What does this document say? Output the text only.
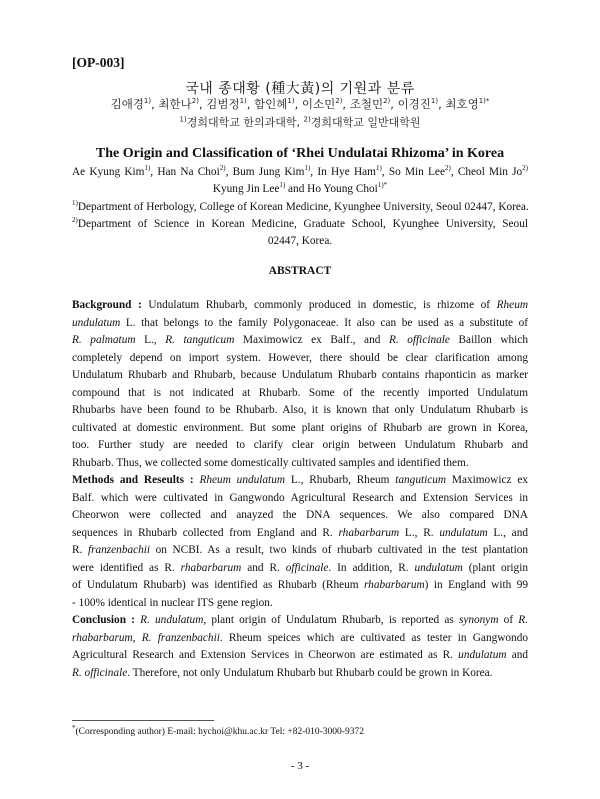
[OP-003]
국내 종대황 (種大黃)의 기원과 분류
김애경$^{1)}$, 최한나$^{2)}$, 김범정$^{1)}$, 함인혜$^{1)}$, 이소민$^{2)}$, 조철민$^{2)}$, 이경진$^{1)}$, 최호영$^{1)*}$
$^{1)}$경희대학교 한의과대학, $^{2)}$경희대학교 일반대학원
The Origin and Classification of ‘Rhei Undulatai Rhizoma’ in Korea
Ae Kyung Kim$^{1)}$, Han Na Choi$^{2)}$, Bum Jung Kim$^{1)}$, In Hye Ham$^{1)}$, So Min Lee$^{2)}$, Cheol Min Jo$^{2)}$
Kyung Jin Lee$^{1)}$ and Ho Young Choi$^{1)*}$
$^{1)}$Department of Herbology, College of Korean Medicine, Kyunghee University, Seoul 02447, Korea.
$^{2)}$Department of Science in Korean Medicine, Graduate School, Kyunghee University, Seoul
02447, Korea.
ABSTRACT
Background : Undulatum Rhubarb, commonly produced in domestic, is rhizome of Rheum
undulatum L. that belongs to the family Polygonaceae. It also can be used as a substitute of
R. palmatum L., R. tanguticum Maximowicz ex Balf., and R. officinale Baillon which
completely depend on import system. However, there should be clear clarification among
Undulatum Rhubarb and Rhubarb, because Undulatum Rhubarb contains rhaponticin as marker
compound that is not indicated at Rhubarb. Some of the recently imported Undulatum
Rhubarbs have been found to be Rhubarb. Also, it is known that only Undulatum Rhubarb is
cultivated at domestic environment. But some plant origins of Rhubarb are grown in Korea,
too. Further study are needed to clarify clear origin between Undulatum Rhubarb and
Rhubarb. Thus, we collected some domestically cultivated samples and identified them.
Methods and Reseults : Rheum undulatum L., Rhubarb, Rheum tanguticum Maximowicz ex
Balf. which were cultivated in Gangwondo Agricultural Research and Extension Services in
Cheorwon were collected and anayzed the DNA sequences. We also compared DNA
sequences in Rhubarb collected from England and R. rhabarbarum L., R. undulatum L., and
R. franzenbachii on NCBI. As a result, two kinds of rhubarb cultivated in the test plantation
were identified as R. rhabarbarum and R. officinale. In addition, R. undulatum (plant origin
of Undulatum Rhubarb) was identified as Rhubarb (Rheum rhabarbarum) in England with 99
- 100% identical in nuclear ITS gene region.
Conclusion : R. undulatum, plant origin of Undulatum Rhubarb, is reported as synonym of R.
rhabarbarum, R. franzenbachii. Rheum speices which are cultivated as tester in Gangwondo
Agricultural Research and Extension Services in Cheorwon are estimated as R. undulatum and
R. officinale. Therefore, not only Undulatum Rhubarb but Rhubarb could be grown in Korea.
*(Corresponding author) E-mail: hychoi@khu.ac.kr Tel: +82-010-3000-9372
- 3 -
